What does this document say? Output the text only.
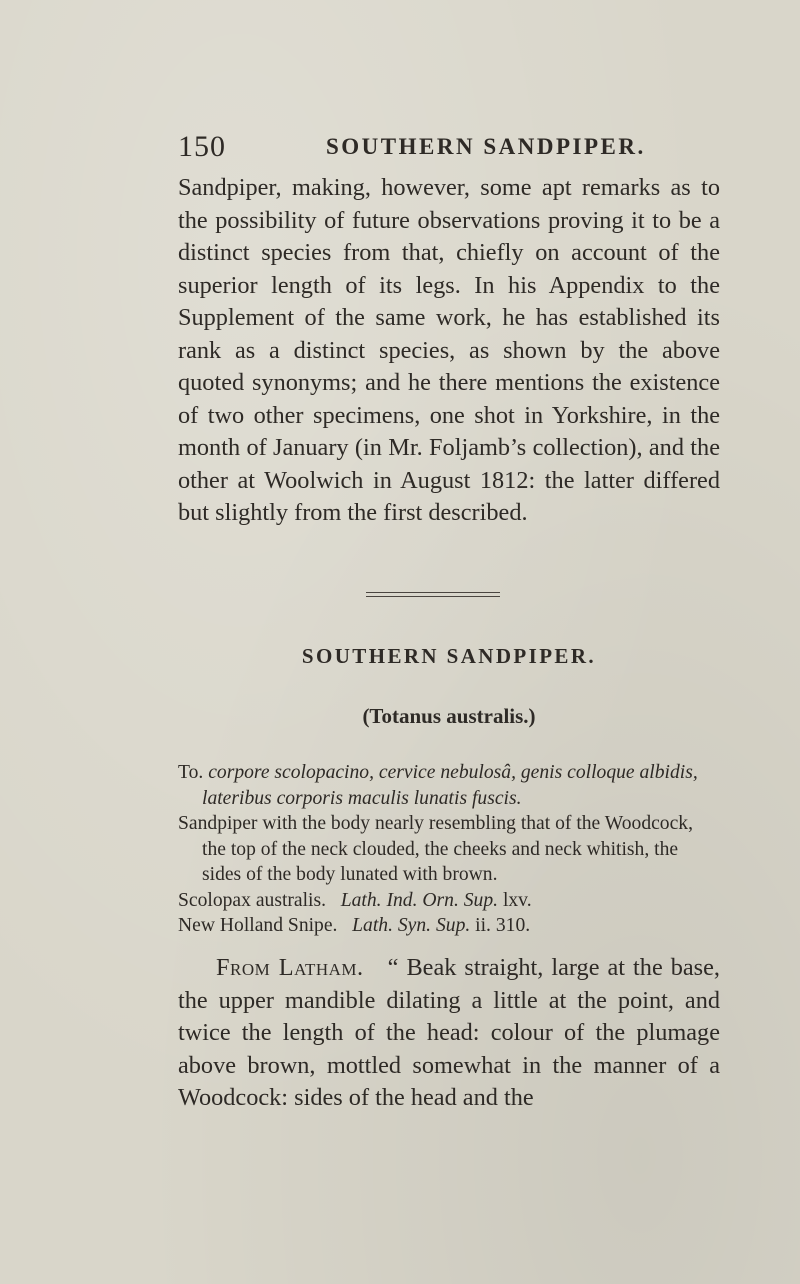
150	SOUTHERN SANDPIPER.

Sandpiper, making, however, some apt remarks as to the possibility of future observations proving it to be a distinct species from that, chiefly on account of the superior length of its legs. In his Appendix to the Supplement of the same work, he has established its rank as a distinct species, as shown by the above quoted synonyms; and he there mentions the existence of two other specimens, one shot in Yorkshire, in the month of January (in Mr. Foljamb’s collection), and the other at Woolwich in August 1812: the latter differed but slightly from the first described.

SOUTHERN SANDPIPER.
(Totanus australis.)

To. corpore scolopacino, cervice nebulosâ, genis colloque albidis, lateribus corporis maculis lunatis fuscis.

Sandpiper with the body nearly resembling that of the Woodcock, the top of the neck clouded, the cheeks and neck whitish, the sides of the body lunated with brown.

Scolopax australis. Lath. Ind. Orn. Sup. lxv.

New Holland Snipe. Lath. Syn. Sup. ii. 310.

From Latham. “ Beak straight, large at the base, the upper mandible dilating a little at the point, and twice the length of the head: colour of the plumage above brown, mottled somewhat in the manner of a Woodcock: sides of the head and the
